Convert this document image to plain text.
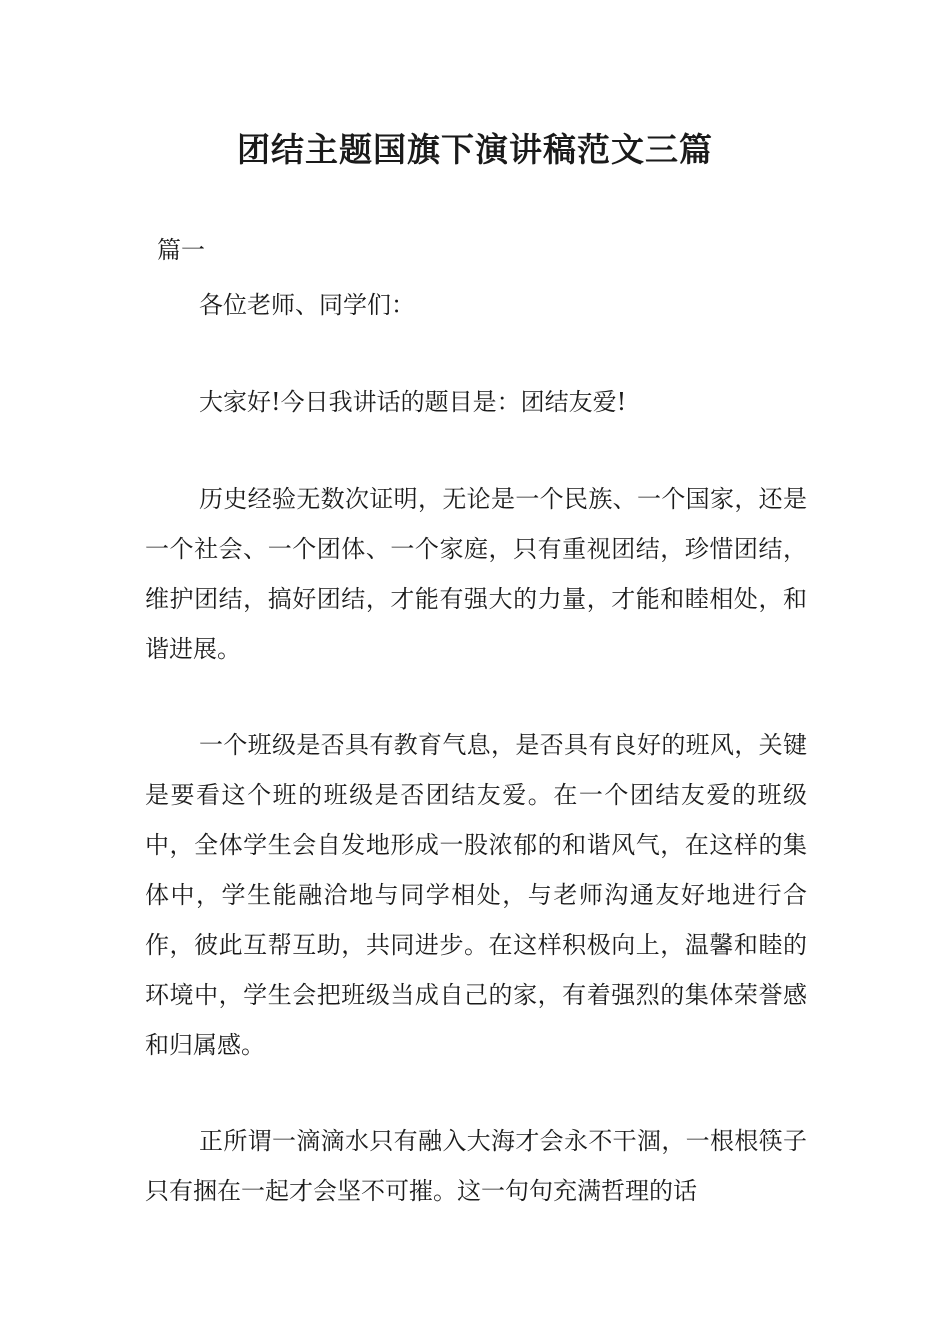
团结主题国旗下演讲稿范文三篇

篇一

各位老师、同学们：

大家好!今日我讲话的题目是：团结友爱!

历史经验无数次证明，无论是一个民族、一个国家，还是一个社会、一个团体、一个家庭，只有重视团结，珍惜团结，维护团结，搞好团结，才能有强大的力量，才能和睦相处，和谐进展。

一个班级是否具有教育气息，是否具有良好的班风，关键是要看这个班的班级是否团结友爱。在一个团结友爱的班级中，全体学生会自发地形成一股浓郁的和谐风气，在这样的集体中，学生能融洽地与同学相处，与老师沟通友好地进行合作，彼此互帮互助，共同进步。在这样积极向上，温馨和睦的环境中，学生会把班级当成自己的家，有着强烈的集体荣誉感和归属感。

正所谓一滴滴水只有融入大海才会永不干涸，一根根筷子只有捆在一起才会坚不可摧。这一句句充满哲理的话
